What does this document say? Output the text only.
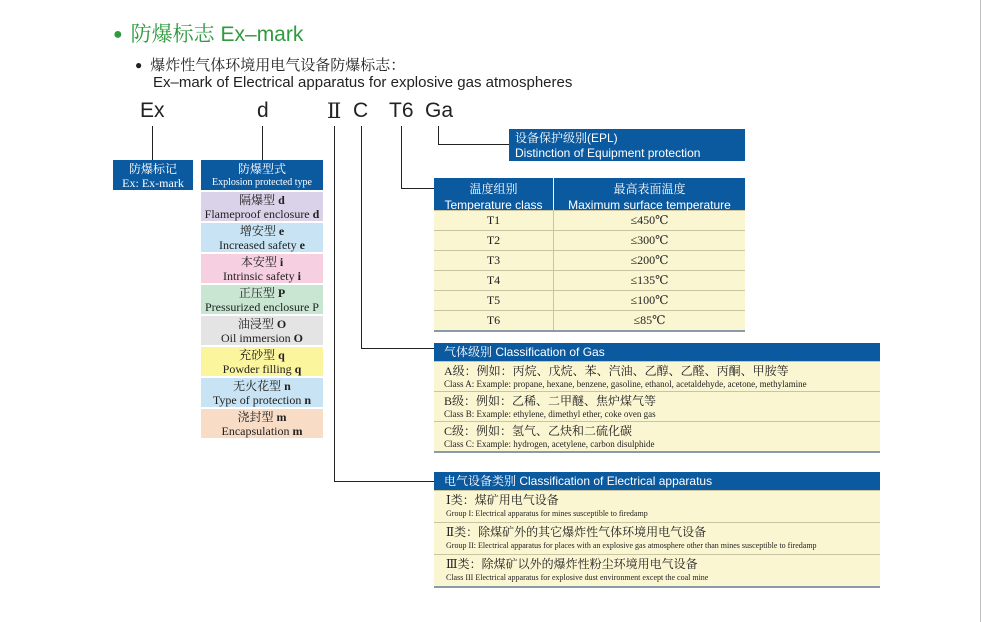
● 防爆标志 Ex–mark
● 爆炸性气体环境用电气设备防爆标志：
Ex–mark of Electrical apparatus for explosive gas atmospheres
Ex	d	Ⅱ C T6 Ga
防爆标记
Ex: Ex-mark
防爆型式
Explosion protected type
隔爆型 d
Flameproof enclosure d
增安型 e
Increased safety e
本安型 i
Intrinsic safety i
正压型 P
Pressurized enclosure P
油浸型 O
Oil immersion O
充砂型 q
Powder filling q
无火花型 n
Type of protection n
浇封型 m
Encapsulation m
设备保护级别(EPL)
Distinction of Equipment protection
温度组别
Temperature class
最高表面温度
Maximum surface temperature
T1	≤450℃
T2	≤300℃
T3	≤200℃
T4	≤135℃
T5	≤100℃
T6	≤85℃
气体级别 Classification of Gas
A级：例如：丙烷、戊烷、苯、汽油、乙醇、乙醛、丙酮、甲胺等
Class A: Example: propane, hexane, benzene, gasoline, ethanol, acetaldehyde, acetone, methylamine
B级：例如：乙稀、二甲醚、焦炉煤气等
Class B: Example: ethylene, dimethyl ether, coke oven gas
C级：例如：氢气、乙炔和二硫化碳
Class C: Example: hydrogen, acetylene, carbon disulphide
电气设备类别 Classification of Electrical apparatus
Ⅰ类：煤矿用电气设备
Group I: Electrical apparatus for mines susceptible to firedamp
Ⅱ类：除煤矿外的其它爆炸性气体环境用电气设备
Group II: Electrical apparatus for places with an explosive gas atmosphere other than mines susceptible to firedamp
Ⅲ类：除煤矿以外的爆炸性粉尘环境用电气设备
Class III Electrical apparatus for explosive dust environment except the coal mine
